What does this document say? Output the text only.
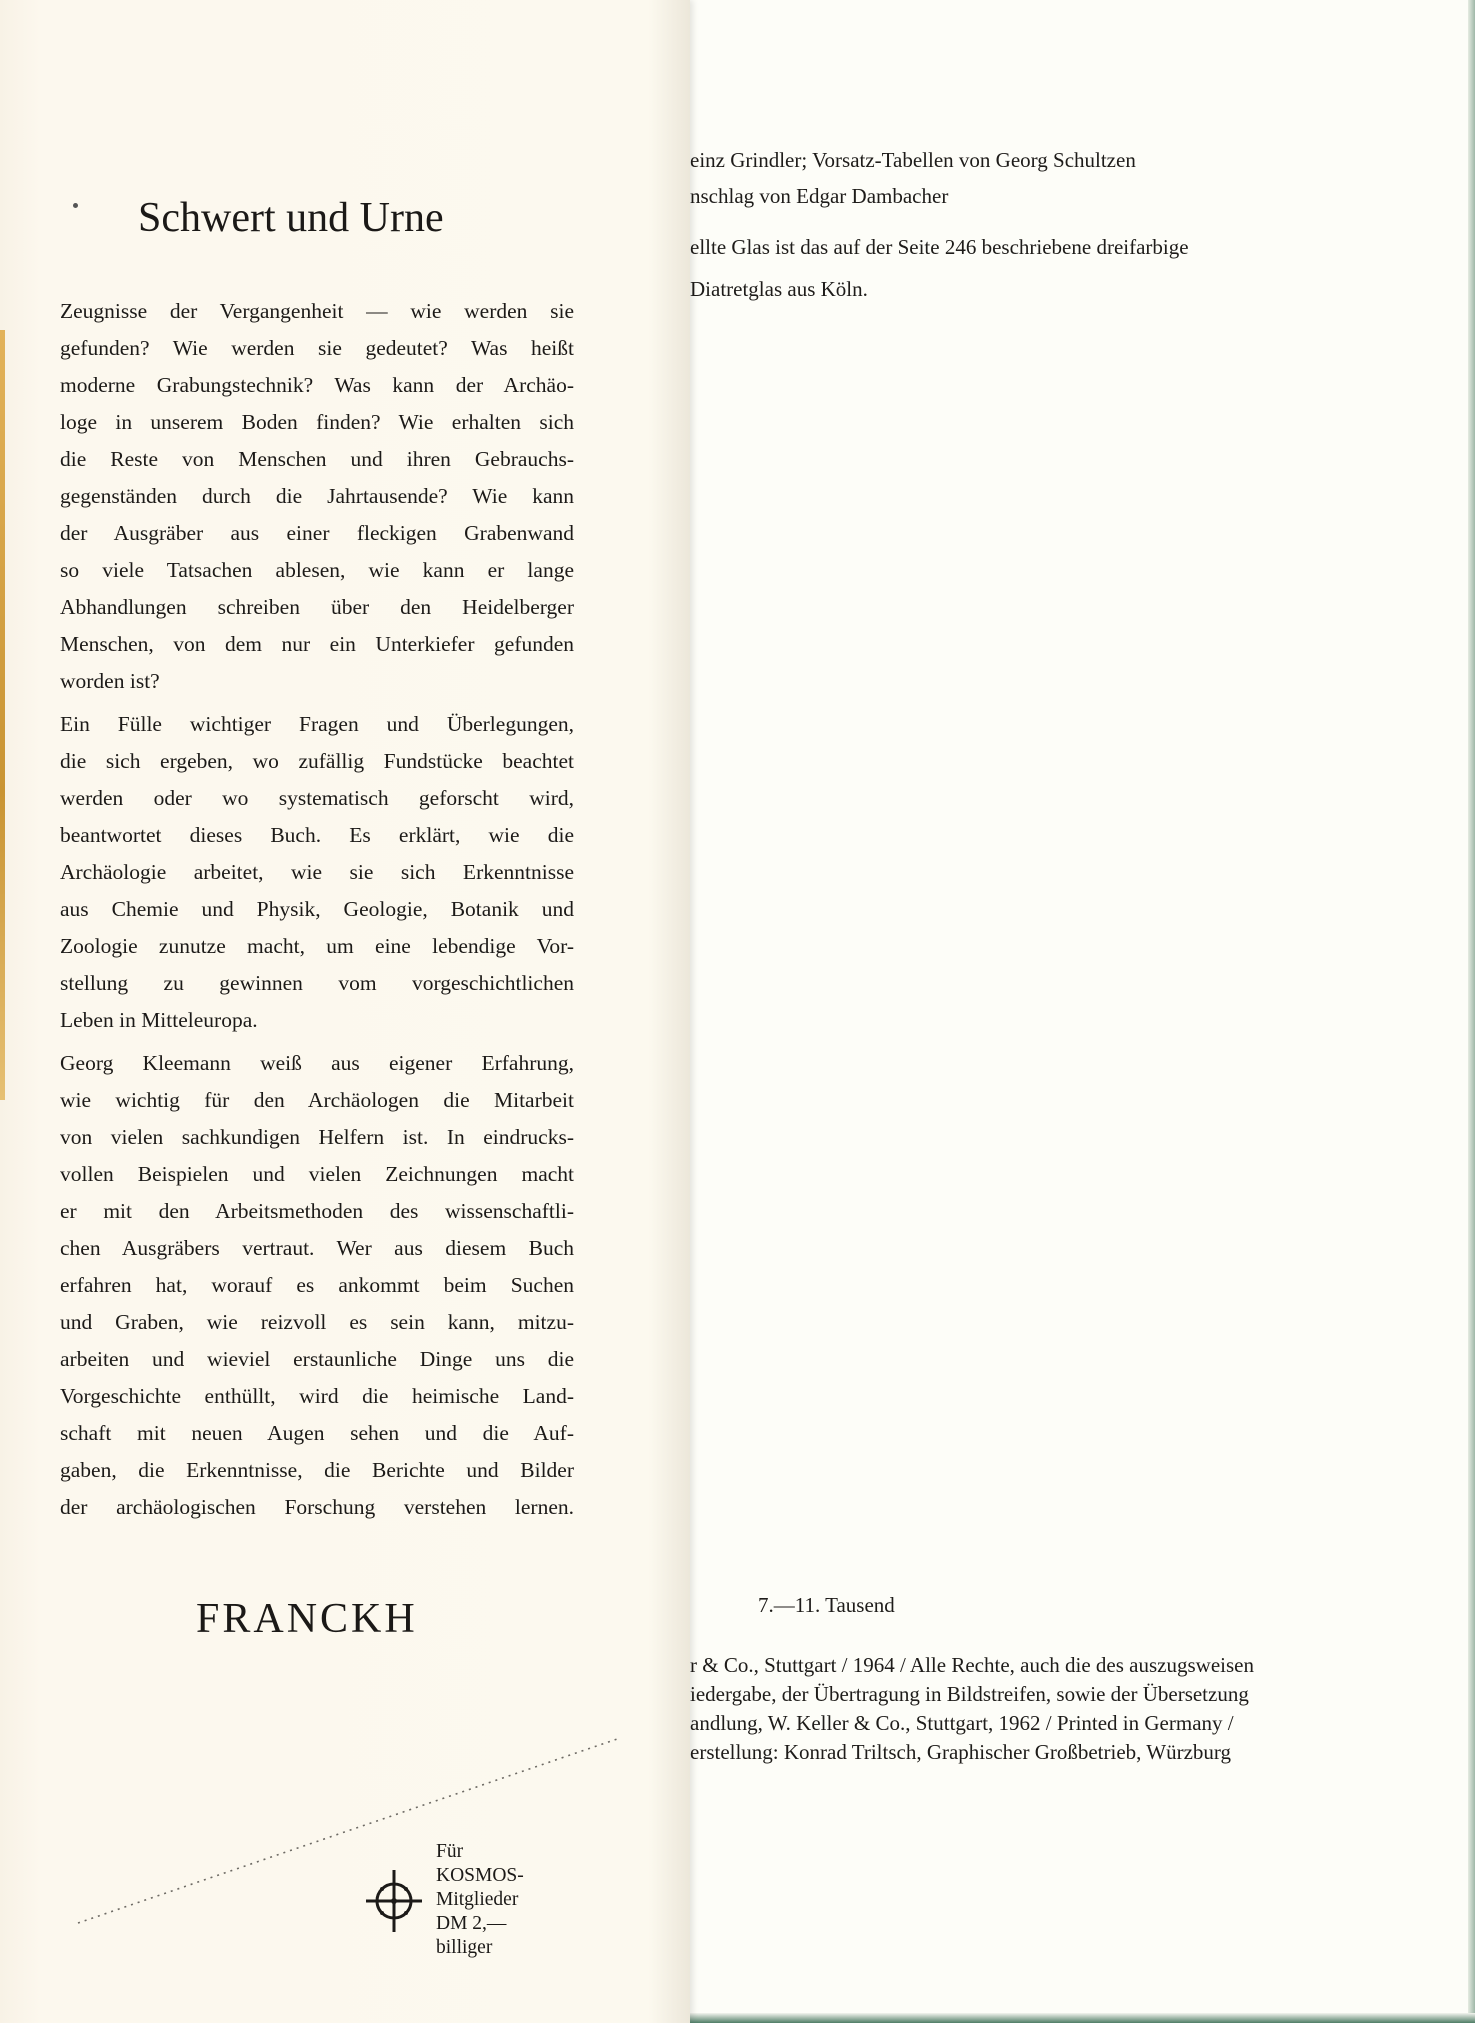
einz Grindler; Vorsatz-Tabellen von Georg Schultzen
nschlag von Edgar Dambacher
ellte Glas ist das auf der Seite 246 beschriebene dreifarbige
Diatretglas aus Köln.
7.—11. Tausend
r & Co., Stuttgart / 1964 / Alle Rechte, auch die des auszugsweisen
iedergabe, der Übertragung in Bildstreifen, sowie der Übersetzung
andlung, W. Keller & Co., Stuttgart, 1962 / Printed in Germany /
erstellung: Konrad Triltsch, Graphischer Großbetrieb, Würzburg
Schwert und Urne
Zeugnisse der Vergangenheit — wie werden sie
gefunden? Wie werden sie gedeutet? Was heißt
moderne Grabungstechnik? Was kann der Archäo-
loge in unserem Boden finden? Wie erhalten sich
die Reste von Menschen und ihren Gebrauchs-
gegenständen durch die Jahrtausende? Wie kann
der Ausgräber aus einer fleckigen Grabenwand
so viele Tatsachen ablesen, wie kann er lange
Abhandlungen schreiben über den Heidelberger
Menschen, von dem nur ein Unterkiefer gefunden
worden ist?
Ein Fülle wichtiger Fragen und Überlegungen,
die sich ergeben, wo zufällig Fundstücke beachtet
werden oder wo systematisch geforscht wird,
beantwortet dieses Buch. Es erklärt, wie die
Archäologie arbeitet, wie sie sich Erkenntnisse
aus Chemie und Physik, Geologie, Botanik und
Zoologie zunutze macht, um eine lebendige Vor-
stellung zu gewinnen vom vorgeschichtlichen
Leben in Mitteleuropa.
Georg Kleemann weiß aus eigener Erfahrung,
wie wichtig für den Archäologen die Mitarbeit
von vielen sachkundigen Helfern ist. In eindrucks-
vollen Beispielen und vielen Zeichnungen macht
er mit den Arbeitsmethoden des wissenschaftli-
chen Ausgräbers vertraut. Wer aus diesem Buch
erfahren hat, worauf es ankommt beim Suchen
und Graben, wie reizvoll es sein kann, mitzu-
arbeiten und wieviel erstaunliche Dinge uns die
Vorgeschichte enthüllt, wird die heimische Land-
schaft mit neuen Augen sehen und die Auf-
gaben, die Erkenntnisse, die Berichte und Bilder
der archäologischen Forschung verstehen lernen.
FRANCKH
Für
KOSMOS-
Mitglieder
DM 2,—
billiger
